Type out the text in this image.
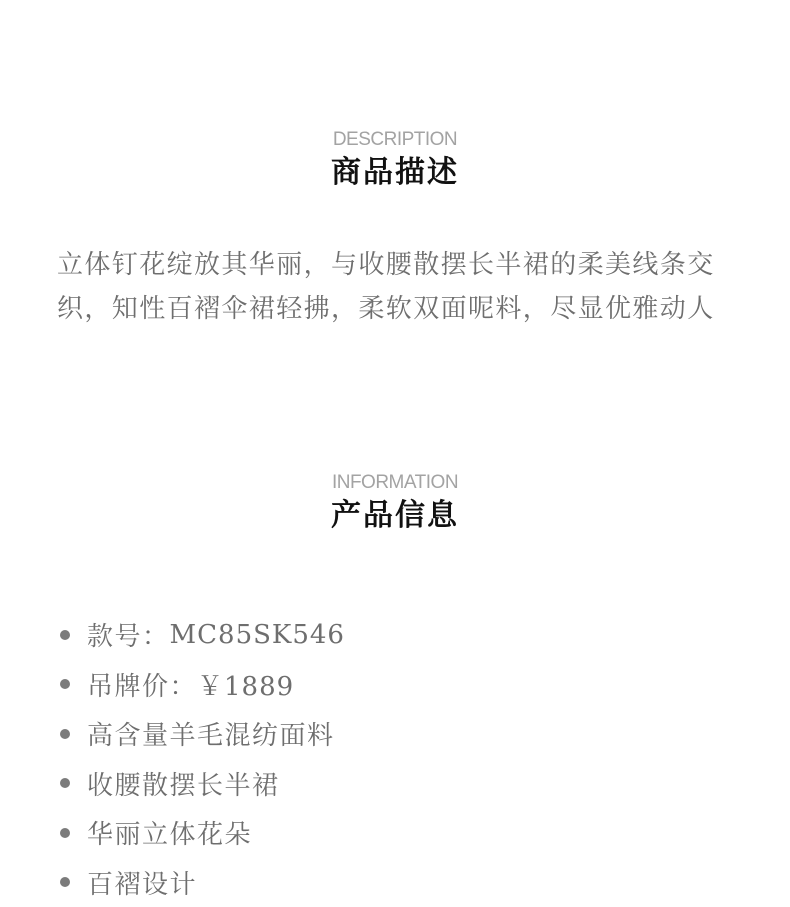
DESCRIPTION
商品描述

立体钉花绽放其华丽，与收腰散摆长半裙的柔美线条交织，知性百褶伞裙轻拂，柔软双面呢料，尽显优雅动人

INFORMATION
产品信息
款号： MC85SK546
吊牌价： ￥1889
高含量羊毛混纺面料
收腰散摆长半裙
华丽立体花朵
百褶设计
